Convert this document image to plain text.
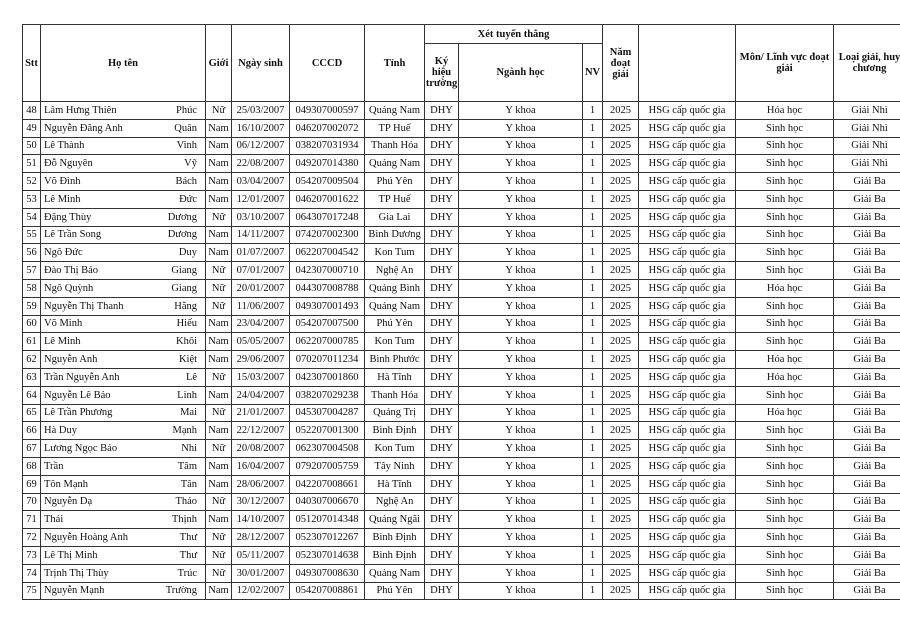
Stt	Họ tên		Giới	Ngày sinh	CCCD	Tỉnh	Xét tuyển thẳng			Năm đoạt giải		Môn/ Lĩnh vực đoạt giải	Loại giải, huy chương
							Ký hiệu trường	Ngành học	NV				
48	Lâm Hưng Thiên	Phúc	Nữ	25/03/2007	049307000597	Quảng Nam	DHY	Y khoa	1	2025	HSG cấp quốc gia	Hóa học	Giải Nhì
49	Nguyễn Đăng Anh	Quân	Nam	16/10/2007	046207002072	TP Huế	DHY	Y khoa	1	2025	HSG cấp quốc gia	Sinh học	Giải Nhì
50	Lê Thành	Vinh	Nam	06/12/2007	038207031934	Thanh Hóa	DHY	Y khoa	1	2025	HSG cấp quốc gia	Sinh học	Giải Nhì
51	Đỗ Nguyên	Vỹ	Nam	22/08/2007	049207014380	Quảng Nam	DHY	Y khoa	1	2025	HSG cấp quốc gia	Sinh học	Giải Nhì
52	Võ Đình	Bách	Nam	03/04/2007	054207009504	Phú Yên	DHY	Y khoa	1	2025	HSG cấp quốc gia	Sinh học	Giải Ba
53	Lê Minh	Đức	Nam	12/01/2007	046207001622	TP Huế	DHY	Y khoa	1	2025	HSG cấp quốc gia	Sinh học	Giải Ba
54	Đặng Thùy	Dương	Nữ	03/10/2007	064307017248	Gia Lai	DHY	Y khoa	1	2025	HSG cấp quốc gia	Sinh học	Giải Ba
55	Lê Trần Song	Dương	Nam	14/11/2007	074207002300	Bình Dương	DHY	Y khoa	1	2025	HSG cấp quốc gia	Sinh học	Giải Ba
56	Ngô Đức	Duy	Nam	01/07/2007	062207004542	Kon Tum	DHY	Y khoa	1	2025	HSG cấp quốc gia	Sinh học	Giải Ba
57	Đào Thị Bảo	Giang	Nữ	07/01/2007	042307000710	Nghệ An	DHY	Y khoa	1	2025	HSG cấp quốc gia	Sinh học	Giải Ba
58	Ngô Quỳnh	Giang	Nữ	20/01/2007	044307008788	Quảng Bình	DHY	Y khoa	1	2025	HSG cấp quốc gia	Hóa học	Giải Ba
59	Nguyễn Thị Thanh	Hằng	Nữ	11/06/2007	049307001493	Quảng Nam	DHY	Y khoa	1	2025	HSG cấp quốc gia	Sinh học	Giải Ba
60	Võ Minh	Hiếu	Nam	23/04/2007	054207007500	Phú Yên	DHY	Y khoa	1	2025	HSG cấp quốc gia	Sinh học	Giải Ba
61	Lê Minh	Khôi	Nam	05/05/2007	062207000785	Kon Tum	DHY	Y khoa	1	2025	HSG cấp quốc gia	Sinh học	Giải Ba
62	Nguyễn Anh	Kiệt	Nam	29/06/2007	070207011234	Bình Phước	DHY	Y khoa	1	2025	HSG cấp quốc gia	Hóa học	Giải Ba
63	Trần Nguyễn Anh	Lê	Nữ	15/03/2007	042307001860	Hà Tĩnh	DHY	Y khoa	1	2025	HSG cấp quốc gia	Hóa học	Giải Ba
64	Nguyễn Lê Bảo	Linh	Nam	24/04/2007	038207029238	Thanh Hóa	DHY	Y khoa	1	2025	HSG cấp quốc gia	Sinh học	Giải Ba
65	Lê Trần Phương	Mai	Nữ	21/01/2007	045307004287	Quảng Trị	DHY	Y khoa	1	2025	HSG cấp quốc gia	Hóa học	Giải Ba
66	Hà Duy	Mạnh	Nam	22/12/2007	052207001300	Bình Định	DHY	Y khoa	1	2025	HSG cấp quốc gia	Sinh học	Giải Ba
67	Lương Ngọc Bảo	Nhi	Nữ	20/08/2007	062307004508	Kon Tum	DHY	Y khoa	1	2025	HSG cấp quốc gia	Sinh học	Giải Ba
68	Trần	Tâm	Nam	16/04/2007	079207005759	Tây Ninh	DHY	Y khoa	1	2025	HSG cấp quốc gia	Sinh học	Giải Ba
69	Tôn Mạnh	Tân	Nam	28/06/2007	042207008661	Hà Tĩnh	DHY	Y khoa	1	2025	HSG cấp quốc gia	Sinh học	Giải Ba
70	Nguyễn Dạ	Thảo	Nữ	30/12/2007	040307006670	Nghệ An	DHY	Y khoa	1	2025	HSG cấp quốc gia	Sinh học	Giải Ba
71	Thái	Thịnh	Nam	14/10/2007	051207014348	Quảng Ngãi	DHY	Y khoa	1	2025	HSG cấp quốc gia	Sinh học	Giải Ba
72	Nguyễn Hoàng Anh	Thư	Nữ	28/12/2007	052307012267	Bình Định	DHY	Y khoa	1	2025	HSG cấp quốc gia	Sinh học	Giải Ba
73	Lê Thị Minh	Thư	Nữ	05/11/2007	052307014638	Bình Định	DHY	Y khoa	1	2025	HSG cấp quốc gia	Sinh học	Giải Ba
74	Trịnh Thị Thùy	Trúc	Nữ	30/01/2007	049307008630	Quảng Nam	DHY	Y khoa	1	2025	HSG cấp quốc gia	Sinh học	Giải Ba
75	Nguyễn Mạnh	Trường	Nam	12/02/2007	054207008861	Phú Yên	DHY	Y khoa	1	2025	HSG cấp quốc gia	Sinh học	Giải Ba
